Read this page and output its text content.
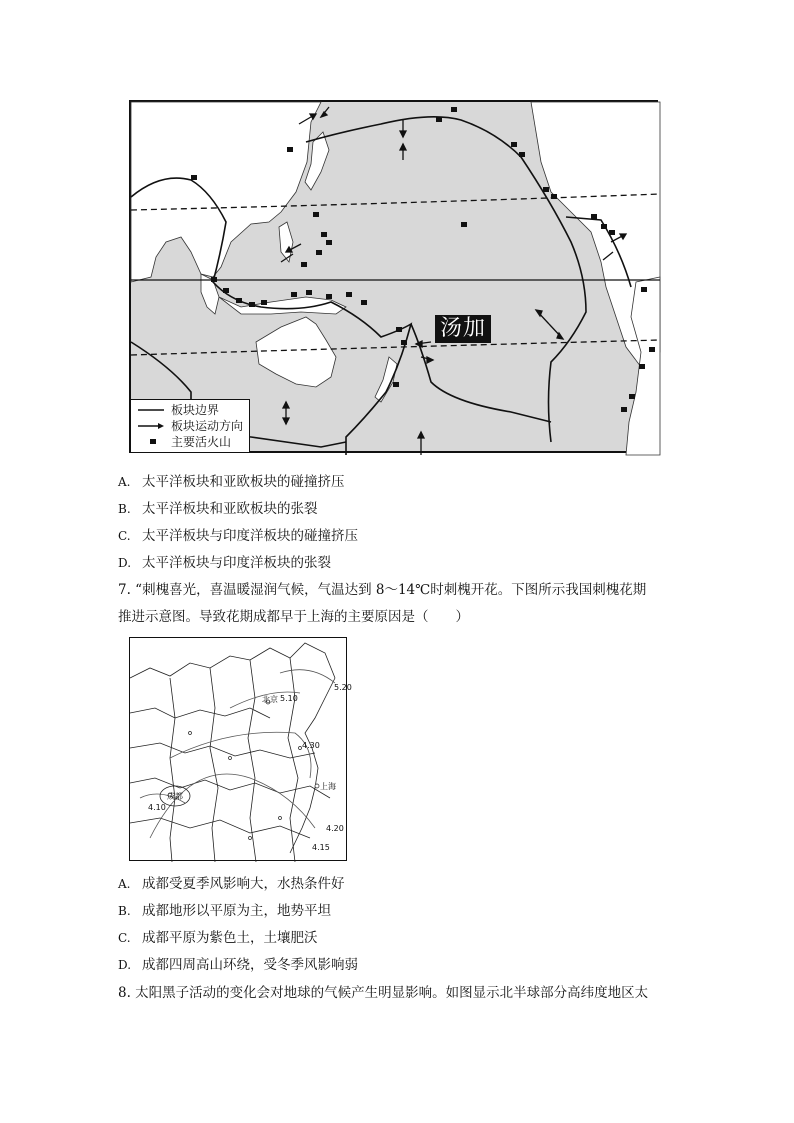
汤加
板块边界
板块运动方向
主要活火山
A. 太平洋板块和亚欧板块的碰撞挤压
B. 太平洋板块和亚欧板块的张裂
C. 太平洋板块与印度洋板块的碰撞挤压
D. 太平洋板块与印度洋板块的张裂
7. “刺槐喜光，喜温暖湿润气候，气温达到 8～14℃时刺槐开花。下图所示我国刺槐花期
推进示意图。导致花期成都早于上海的主要原因是（　　）
成都
上海
北京
4.10
4.15
4.20
4.30
5.10
5.20
A. 成都受夏季风影响大，水热条件好
B. 成都地形以平原为主，地势平坦
C. 成都平原为紫色土，土壤肥沃
D. 成都四周高山环绕，受冬季风影响弱
8. 太阳黑子活动的变化会对地球的气候产生明显影响。如图显示北半球部分高纬度地区太
